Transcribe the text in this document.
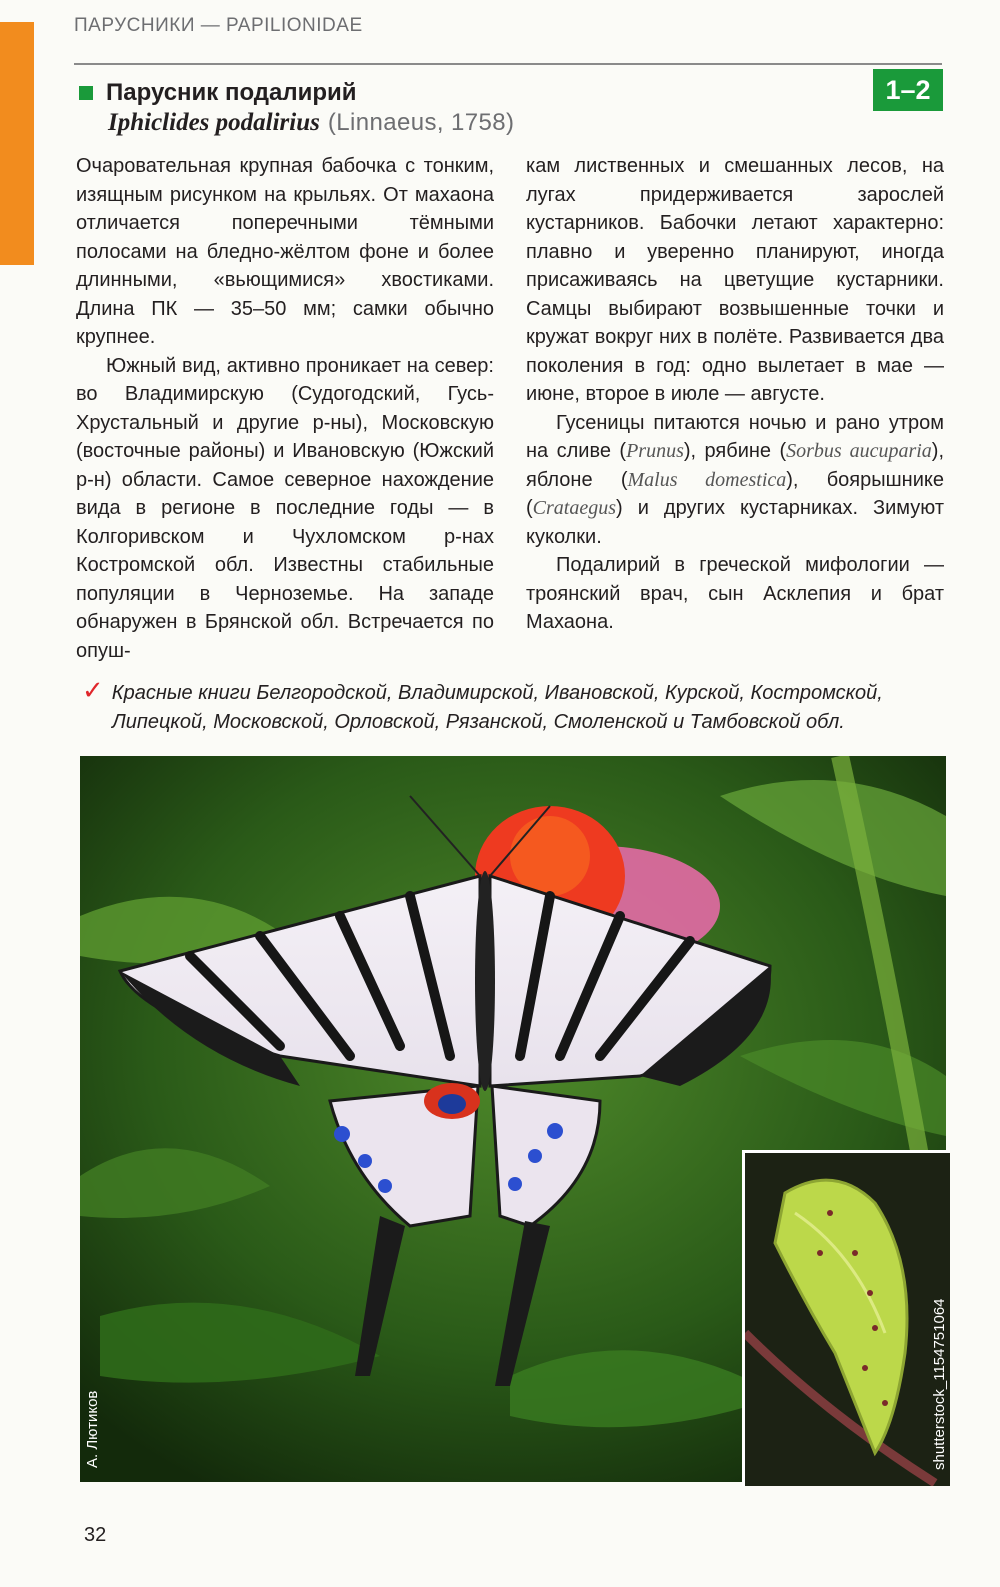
ПАРУСНИКИ — PAPILIONIDAE
1–2
Парусник подалирий
Iphiclides podalirius (Linnaeus, 1758)

Очаровательная крупная бабочка с тонким, изящным рисунком на крыльях. От махаона отличается поперечными тёмными полосами на бледно-жёлтом фоне и более длинными, «вьющимися» хвостиками. Длина ПК — 35–50 мм; самки обычно крупнее.

Южный вид, активно проникает на север: во Владимирскую (Судогодский, Гусь-Хрустальный и другие р-ны), Московскую (восточные районы) и Ивановскую (Южский р-н) области. Самое северное нахождение вида в регионе в последние годы — в Колгоривском и Чухломском р-нах Костромской обл. Известны стабильные популяции в Черноземье. На западе обнаружен в Брянской обл. Встречается по опуш-

кам лиственных и смешанных лесов, на лугах придерживается зарослей кустарников. Бабочки летают характерно: плавно и уверенно планируют, иногда присаживаясь на цветущие кустарники. Самцы выбирают возвышенные точки и кружат вокруг них в полёте. Развивается два поколения в год: одно вылетает в мае — июне, второе в июле — августе.

Гусеницы питаются ночью и рано утром на сливе (Prunus), рябине (Sorbus aucuparia), яблоне (Malus domestica), боярышнике (Crataegus) и других кустарниках. Зимуют куколки.

Подалирий в греческой мифологии — троянский врач, сын Асклепия и брат Махаона.

✓ Красные книги Белгородской, Владимирской, Ивановской, Курской, Костромской,
Липецкой, Московской, Орловской, Рязанской, Смоленской и Тамбовской обл.
А. Лютиков	shutterstock_1154751064
32
